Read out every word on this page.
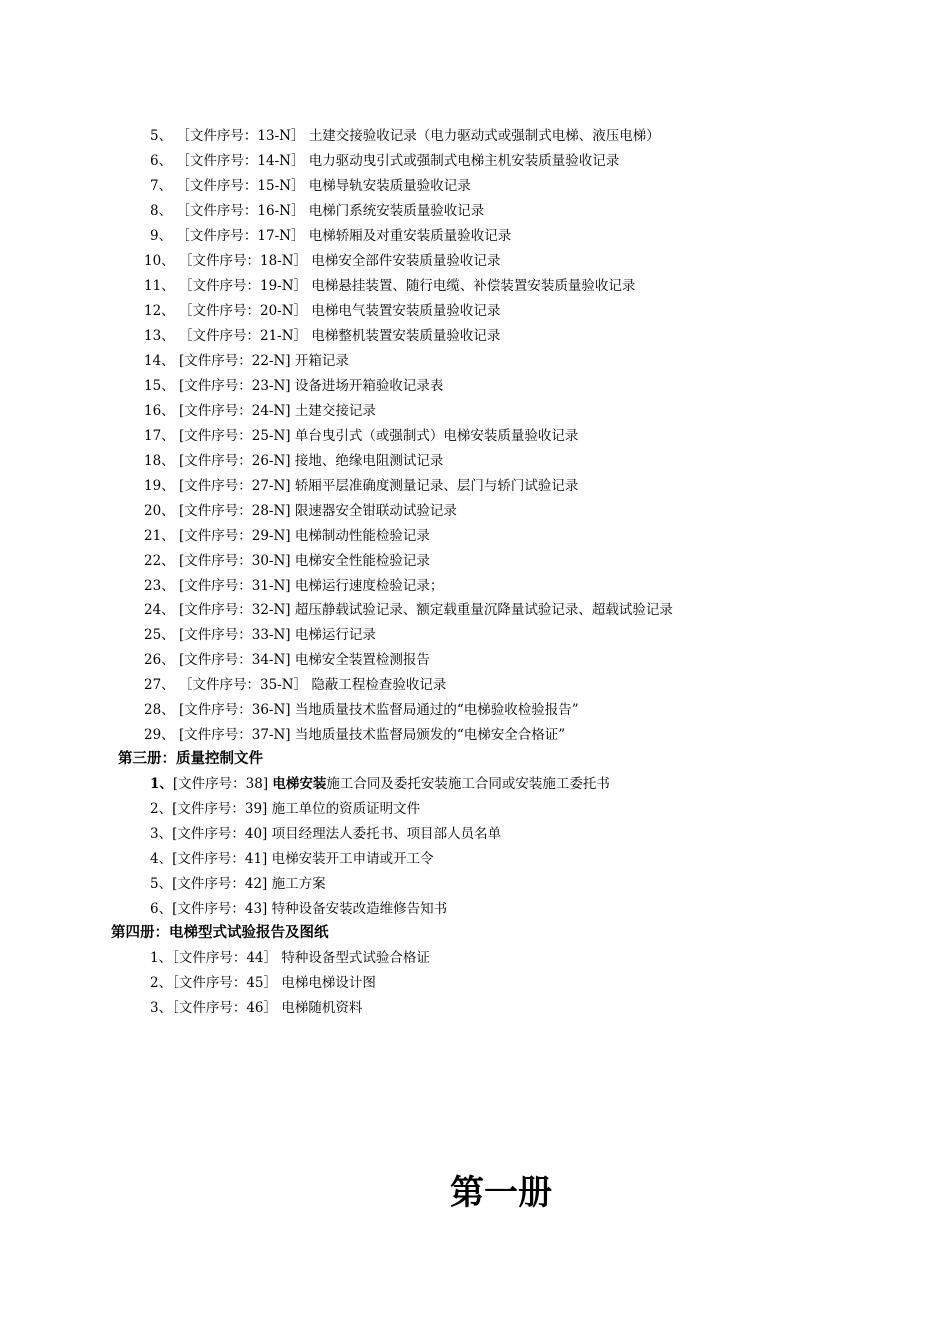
5、 ［文件序号：13-N］ 土建交接验收记录（电力驱动式或强制式电梯、液压电梯）
6、 ［文件序号：14-N］ 电力驱动曳引式或强制式电梯主机安装质量验收记录
7、 ［文件序号：15-N］ 电梯导轨安装质量验收记录
8、 ［文件序号：16-N］ 电梯门系统安装质量验收记录
9、 ［文件序号：17-N］ 电梯轿厢及对重安装质量验收记录
10、 ［文件序号：18-N］ 电梯安全部件安装质量验收记录
11、 ［文件序号：19-N］ 电梯悬挂装置、随行电缆、补偿装置安装质量验收记录
12、 ［文件序号：20-N］ 电梯电气装置安装质量验收记录
13、 ［文件序号：21-N］ 电梯整机装置安装质量验收记录
14、 [文件序号：22-N] 开箱记录
15、 [文件序号：23-N] 设备进场开箱验收记录表
16、 [文件序号：24-N] 土建交接记录
17、 [文件序号：25-N] 单台曳引式（或强制式）电梯安装质量验收记录
18、 [文件序号：26-N] 接地、绝缘电阻测试记录
19、 [文件序号：27-N] 轿厢平层准确度测量记录、层门与轿门试验记录
20、 [文件序号：28-N] 限速器安全钳联动试验记录
21、 [文件序号：29-N] 电梯制动性能检验记录
22、 [文件序号：30-N] 电梯安全性能检验记录
23、 [文件序号：31-N] 电梯运行速度检验记录；
24、 [文件序号：32-N] 超压静载试验记录、额定载重量沉降量试验记录、超载试验记录
25、 [文件序号：33-N] 电梯运行记录
26、 [文件序号：34-N] 电梯安全装置检测报告
27、 ［文件序号：35-N］ 隐蔽工程检查验收记录
28、 [文件序号：36-N] 当地质量技术监督局通过的“电梯验收检验报告”
29、 [文件序号：37-N] 当地质量技术监督局颁发的“电梯安全合格证”
第三册：质量控制文件
1、[文件序号：38] 电梯安装施工合同及委托安装施工合同或安装施工委托书
2、[文件序号：39] 施工单位的资质证明文件
3、[文件序号：40] 项目经理法人委托书、项目部人员名单
4、[文件序号：41] 电梯安装开工申请或开工令
5、[文件序号：42] 施工方案
6、[文件序号：43] 特种设备安装改造维修告知书
第四册：电梯型式试验报告及图纸
1、［文件序号：44］ 特种设备型式试验合格证
2、［文件序号：45］ 电梯电梯设计图
3、［文件序号：46］ 电梯随机资料
第一册
